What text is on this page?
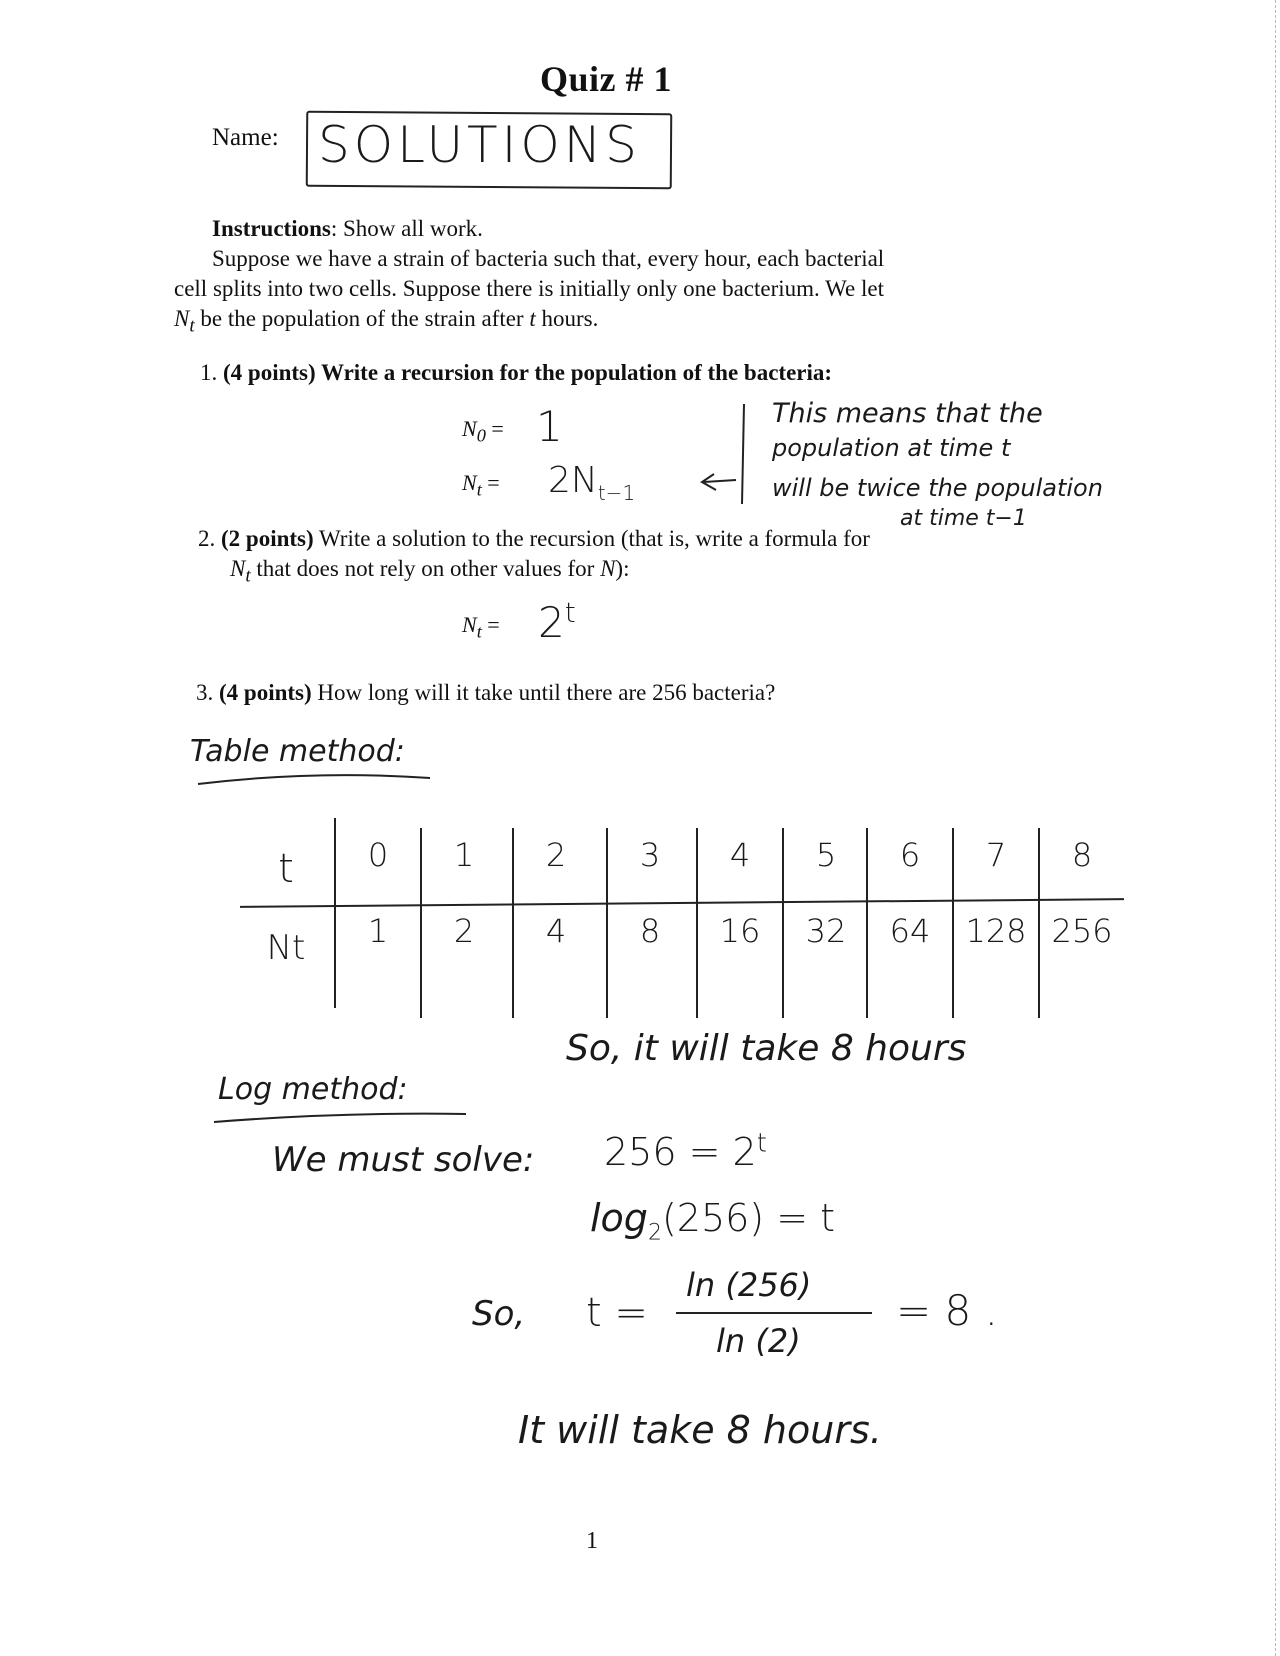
Quiz # 1
Name: SOLUTIONS
Instructions: Show all work.
Suppose we have a strain of bacteria such that, every hour, each bacterial
cell splits into two cells. Suppose there is initially only one bacterium. We let
$N_t$ be the population of the strain after t hours.
1. (4 points) Write a recursion for the population of the bacteria:
$N_0 = 1$
$N_t = 2N_{t-1}$
This means that the
population at time t
will be twice the population
at time t−1
2. (2 points) Write a solution to the recursion (that is, write a formula for
$N_t$ that does not rely on other values for N):
$N_t = 2^t$
3. (4 points) How long will it take until there are 256 bacteria?
Table method:
t
Nt
0
1
1
2
2
4
3
8
4
16
5
32
6
64
7
128
8
256
So, it will take 8 hours
Log method:
We must solve: $256 = 2^t$
$\log_2(256) = t$
So, t =
ln (256)
ln (2)
= 8 .
It will take 8 hours.
1
